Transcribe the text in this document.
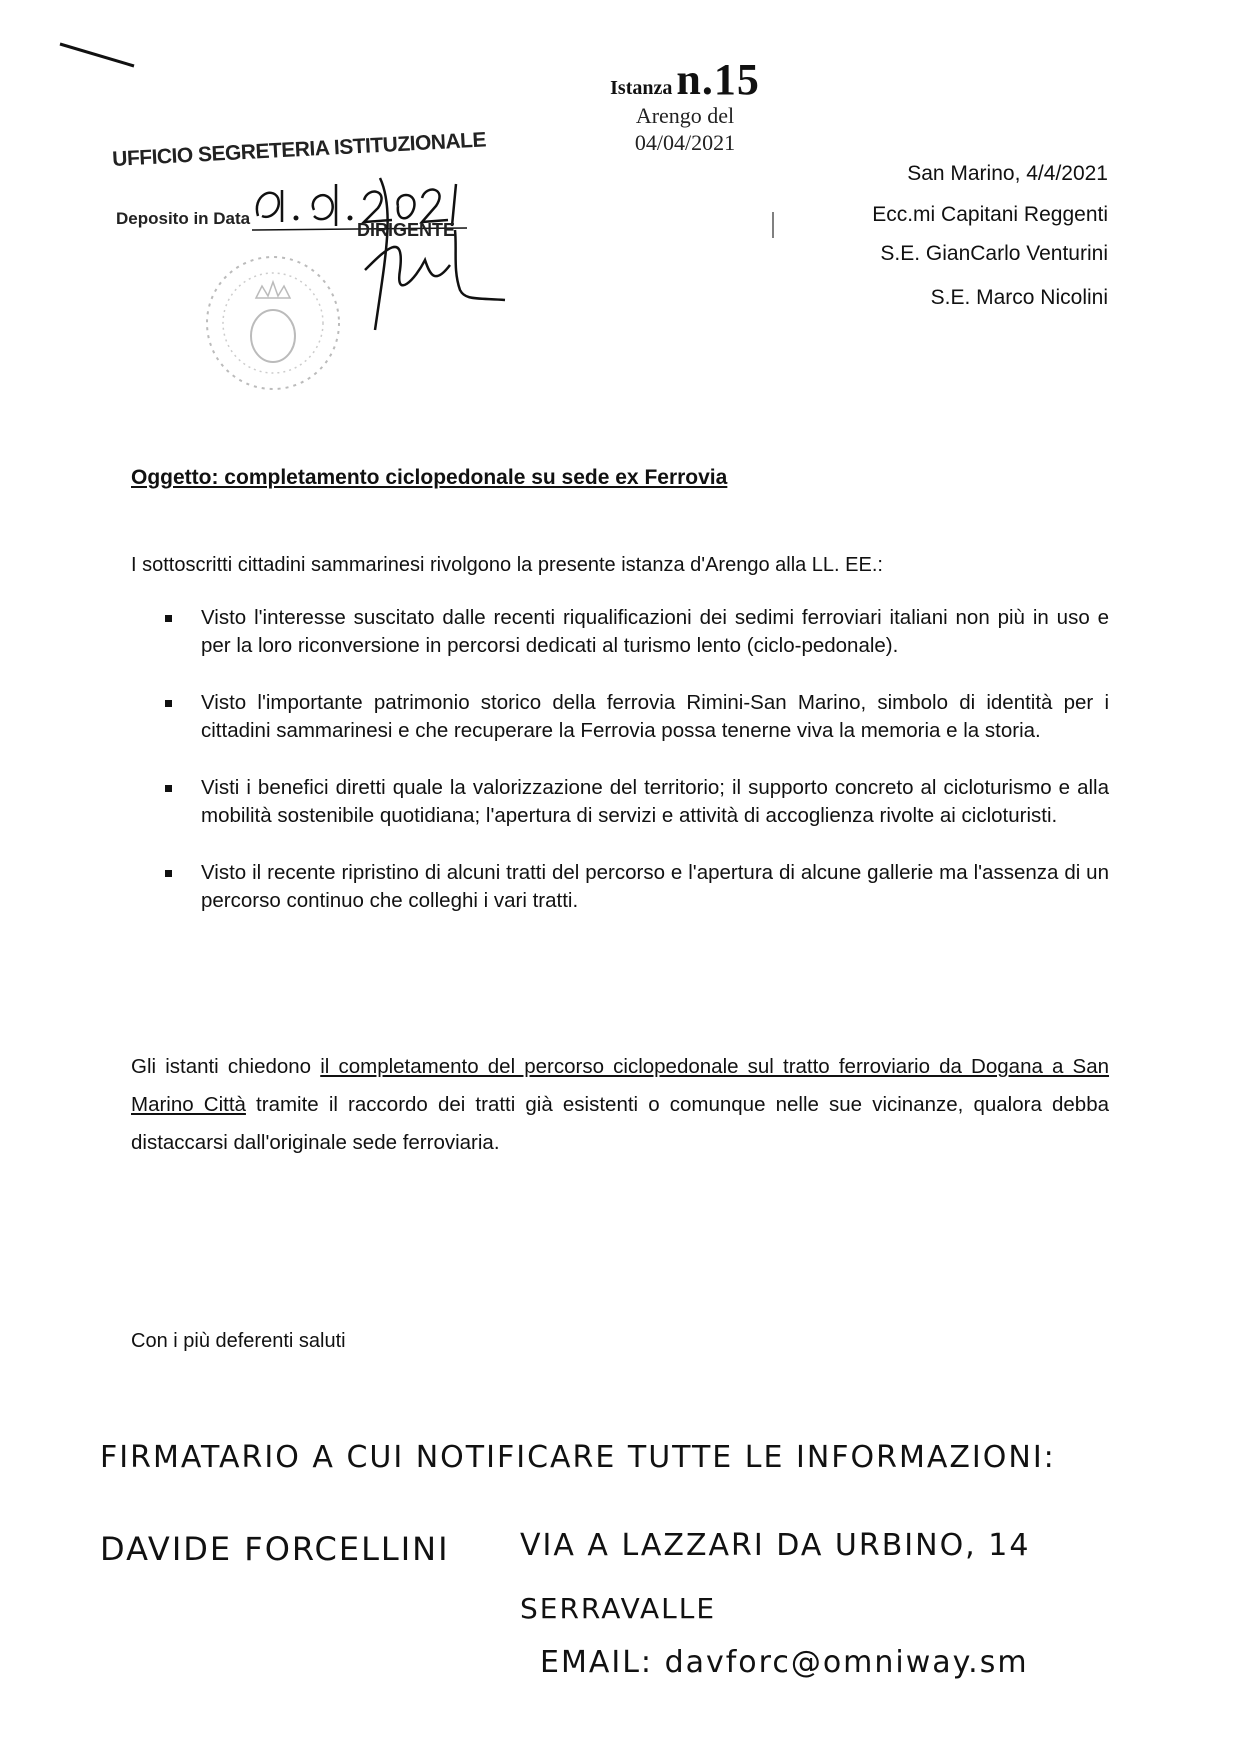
Istanza n.15
Arengo del
04/04/2021
UFFICIO SEGRETERIA ISTITUZIONALE
Deposito in Data
DIRIGENTE
San Marino, 4/4/2021
Ecc.mi Capitani Reggenti
S.E. GianCarlo Venturini
S.E. Marco Nicolini
Oggetto: completamento ciclopedonale su sede ex Ferrovia
I sottoscritti cittadini sammarinesi rivolgono la presente istanza d'Arengo alla LL. EE.:
Visto l'interesse suscitato dalle recenti riqualificazioni dei sedimi ferroviari italiani non più in uso e per la loro riconversione in percorsi dedicati al turismo lento (ciclo-pedonale).
Visto l'importante patrimonio storico della ferrovia Rimini-San Marino, simbolo di identità per i cittadini sammarinesi e che recuperare la Ferrovia possa tenerne viva la memoria e la storia.
Visti i benefici diretti quale la valorizzazione del territorio; il supporto concreto al cicloturismo e alla mobilità sostenibile quotidiana; l'apertura di servizi e attività di accoglienza rivolte ai cicloturisti.
Visto il recente ripristino di alcuni tratti del percorso e l'apertura di alcune gallerie ma l'assenza di un percorso continuo che colleghi i vari tratti.
Gli istanti chiedono il completamento del percorso ciclopedonale sul tratto ferroviario da Dogana a San Marino Città tramite il raccordo dei tratti già esistenti o comunque nelle sue vicinanze, qualora debba distaccarsi dall'originale sede ferroviaria.
Con i più deferenti saluti
FIRMATARIO A CUI NOTIFICARE TUTTE LE INFORMAZIONI:
DAVIDE FORCELLINI VIA A LAZZARI DA URBINO, 14
SERRAVALLE
EMAIL: davforc@omniway.sm
